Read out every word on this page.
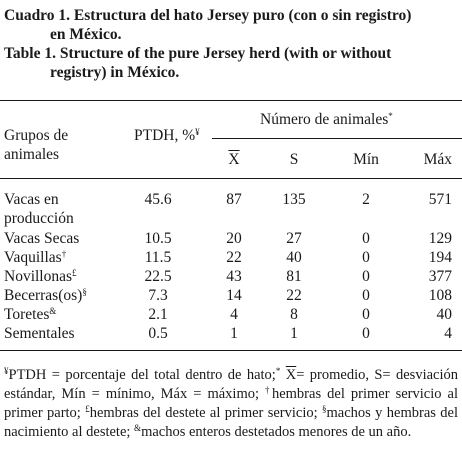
Cuadro 1. Estructura del hato Jersey puro (con o sin registro)
en México.
Table 1. Structure of the pure Jersey herd (with or without
registry) in México.
Grupos de
animales
PTDH, %¥
Número de animales*
$\overline{X}$	S	Mín	Máx
Vacas en	45.6	87	135	2	571
producción
Vacas Secas	10.5	20	27	0	129
Vaquillas†	11.5	22	40	0	194
Novillonas£	22.5	43	81	0	377
Becerras(os)§	7.3	14	22	0	108
Toretes&	2.1	4	8	0	40
Sementales	0.5	1	1	0	4

¥PTDH = porcentaje del total dentro de hato;* $\overline{X}=$ promedio, S= desviación estándar, Mín = mínimo, Máx = máximo; †hembras del primer servicio al primer parto; £hembras del destete al primer servicio; §machos y hembras del nacimiento al destete; &machos enteros destetados menores de un año.
